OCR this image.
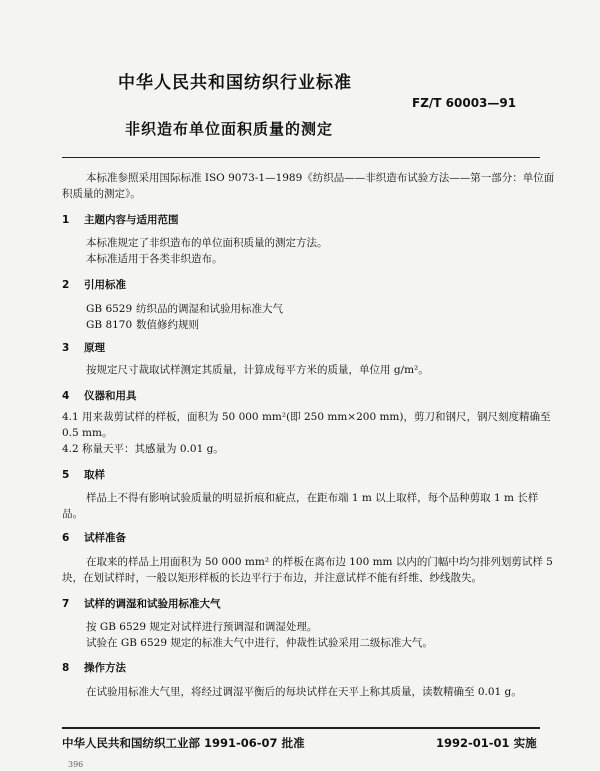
中华人民共和国纺织行业标准
FZ/T 60003—91
非织造布单位面积质量的测定
本标准参照采用国际标准 ISO 9073-1—1989《纺织品——非织造布试验方法——第一部分：单位面
积质量的测定》。
1 主题内容与适用范围
本标准规定了非织造布的单位面积质量的测定方法。
本标准适用于各类非织造布。
2 引用标准
GB 6529 纺织品的调湿和试验用标准大气
GB 8170 数值修约规则
3 原理
按规定尺寸裁取试样测定其质量，计算成每平方米的质量，单位用 g/m²。
4 仪器和用具
4.1 用来裁剪试样的样板，面积为 50 000 mm²(即 250 mm×200 mm)，剪刀和钢尺，钢尺刻度精确至
0.5 mm。
4.2 称量天平：其感量为 0.01 g。
5 取样
样品上不得有影响试验质量的明显折痕和疵点，在距布端 1 m 以上取样，每个品种剪取 1 m 长样
品。
6 试样准备
在取来的样品上用面积为 50 000 mm² 的样板在离布边 100 mm 以内的门幅中均匀排列划剪试样 5
块，在划试样时，一般以矩形样板的长边平行于布边，并注意试样不能有纤维、纱线散失。
7 试样的调湿和试验用标准大气
按 GB 6529 规定对试样进行预调湿和调湿处理。
试验在 GB 6529 规定的标准大气中进行，仲裁性试验采用二级标准大气。
8 操作方法
在试验用标准大气里，将经过调湿平衡后的每块试样在天平上称其质量，读数精确至 0.01 g。
中华人民共和国纺织工业部 1991-06-07 批准	1992-01-01 实施
396
